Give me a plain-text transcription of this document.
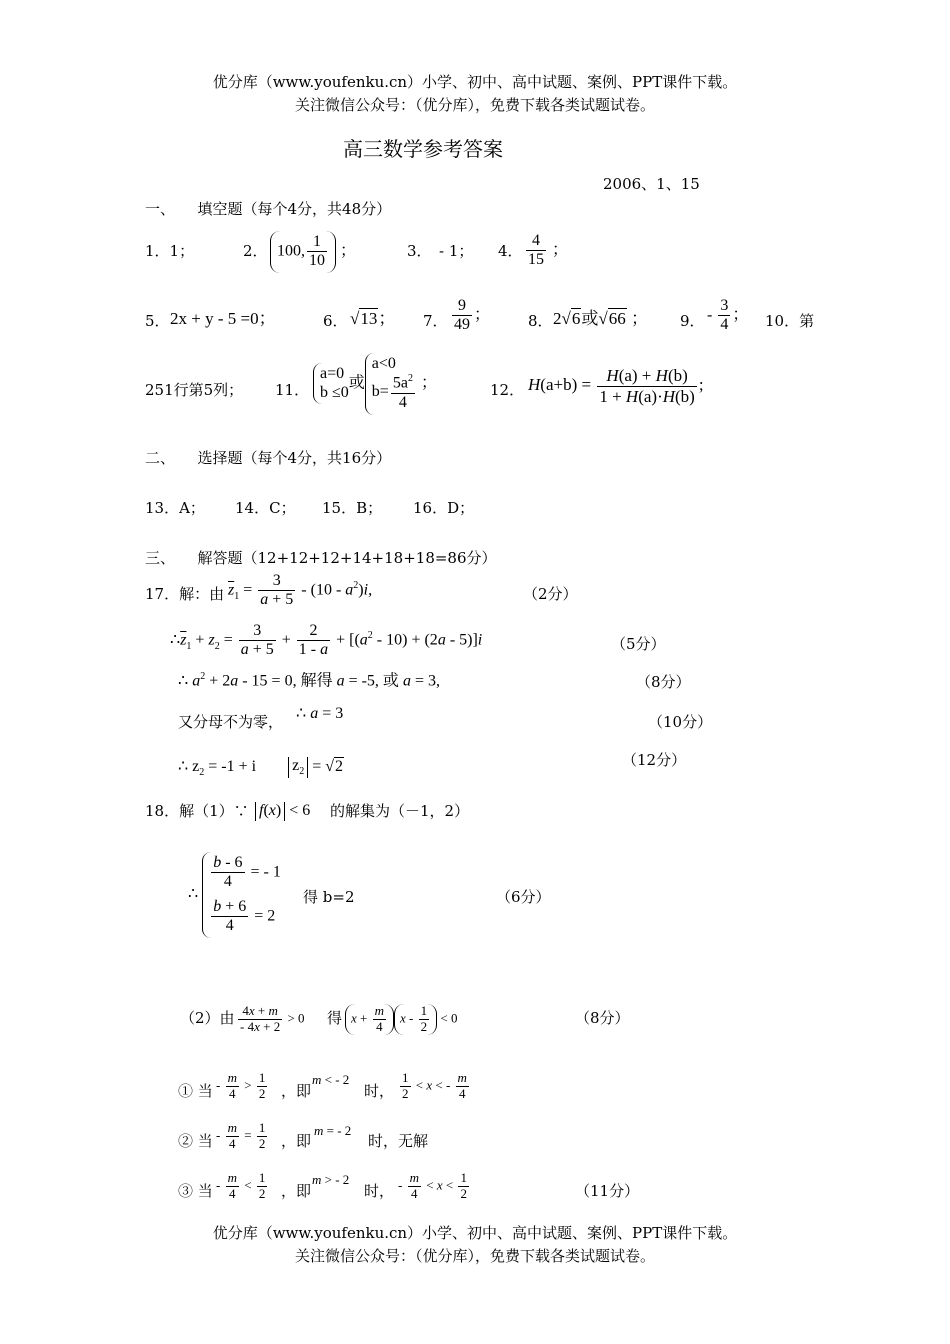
优分库（www.youfenku.cn）小学、初中、高中试题、案例、PPT课件下载。
关注微信公众号：（优分库），免费下载各类试题试卷。
高三数学参考答案
2006、1、15
一、　　填空题（每个4分，共48分）
1．1；	2． 100, $\frac{1}{10}$ ；	3．　- 1； 4． $\frac{4}{15}$ ；
5． 2x + y - 5 =0；	6． √13； 7． $\frac{9}{49}$ ；	8． 2√6或√66 ； 9． - $\frac{3}{4}$ ； 10．第
251行第5列； 11．
a=0
b ≤0
或
a<0
$b= \frac{5a^2}{4}$ ；	12． $H(a+b) = \frac{H(a) + H(b)}{1 + H(a)\cdot H(b)}$ ;
二、　　选择题（每个4分，共16分）
13．A； 14．C； 15．B； 16．D；
三、　　解答题（12+12+12+14+18+18=86分）
17．解：由 $\overline{z}_1 = \frac{3}{a + 5} - (10 - a^2)i$,	（2分）
$\therefore\overline{z}_1 + z_2 = \frac{3}{a + 5} + \frac{2}{1 - a} + [(a^2 - 10) + (2a - 5)]i$	（5分）
∴ $a^2 + 2a - 15 = 0$, 解得 a = -5, 或 a = 3,	（8分）
又分母不为零， ∴ a = 3	（10分）
∴ $z_2 = -1 + i$　　$z_2 = √2$	（12分）
18．解（1）∵ f(x) < 6 的解集为（－1，2）
∴
$\frac{b - 6}{4}$ = - 1
$\frac{b + 6}{4} = 2$
得 b=2	（6分）
（2）由 $\frac{4x + m}{- 4x + 2} > 0$ 得 $x + \frac{m}{4}$ $x - \frac{1}{2} < 0$	（8分）
① 当 - $\frac{m}{4} > \frac{1}{2}$ ，即
m < - 2
时， $\frac{1}{2} < x$ < - $\frac{m}{4}$
② 当 - $\frac{m}{4} = \frac{1}{2}$ ，即
m = - 2
时，无解
③ 当 - $\frac{m}{4} < \frac{1}{2}$ ，即
m > - 2
时， - $\frac{m}{4} < x < \frac{1}{2}$	（11分）
优分库（www.youfenku.cn）小学、初中、高中试题、案例、PPT课件下载。
关注微信公众号：（优分库），免费下载各类试题试卷。
